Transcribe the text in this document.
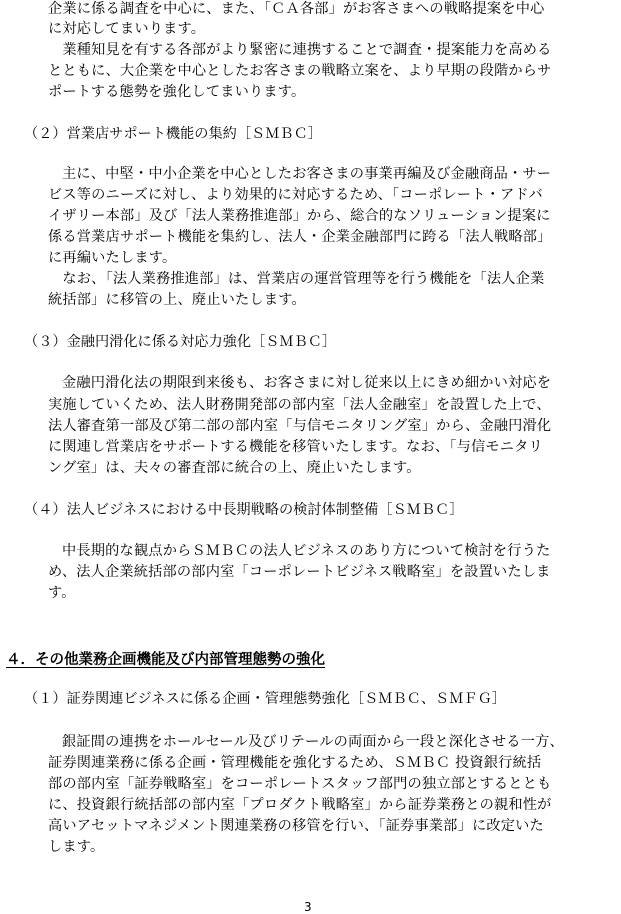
企業に係る調査を中心に、また、「ＣＡ各部」がお客さまへの戦略提案を中心
に対応してまいります。
　業種知見を有する各部がより緊密に連携することで調査・提案能力を高める
とともに、大企業を中心としたお客さまの戦略立案を、より早期の段階からサ
ポートする態勢を強化してまいります。
（２）営業店サポート機能の集約［ＳＭＢＣ］
主に、中堅・中小企業を中心としたお客さまの事業再編及び金融商品・サー
ビス等のニーズに対し、より効果的に対応するため、「コーポレート・アドバ
イザリー本部」及び「法人業務推進部」から、総合的なソリューション提案に
係る営業店サポート機能を集約し、法人・企業金融部門に跨る「法人戦略部」
に再編いたします。
　なお、「法人業務推進部」は、営業店の運営管理等を行う機能を「法人企業
統括部」に移管の上、廃止いたします。
（３）金融円滑化に係る対応力強化［ＳＭＢＣ］
金融円滑化法の期限到来後も、お客さまに対し従来以上にきめ細かい対応を
実施していくため、法人財務開発部の部内室「法人金融室」を設置した上で、
法人審査第一部及び第二部の部内室「与信モニタリング室」から、金融円滑化
に関連し営業店をサポートする機能を移管いたします。なお、「与信モニタリ
ング室」は、夫々の審査部に統合の上、廃止いたします。
（４）法人ビジネスにおける中長期戦略の検討体制整備［ＳＭＢＣ］
中長期的な観点からＳＭＢＣの法人ビジネスのあり方について検討を行うた
め、法人企業統括部の部内室「コーポレートビジネス戦略室」を設置いたしま
す。
４．その他業務企画機能及び内部管理態勢の強化
（１）証券関連ビジネスに係る企画・管理態勢強化［ＳＭＢＣ、ＳＭＦＧ］
銀証間の連携をホールセール及びリテールの両面から一段と深化させる一方、
証券関連業務に係る企画・管理機能を強化するため、ＳＭＢＣ 投資銀行統括
部の部内室「証券戦略室」をコーポレートスタッフ部門の独立部とするととも
に、投資銀行統括部の部内室「プロダクト戦略室」から証券業務との親和性が
高いアセットマネジメント関連業務の移管を行い、「証券事業部」に改定いた
します。
3
